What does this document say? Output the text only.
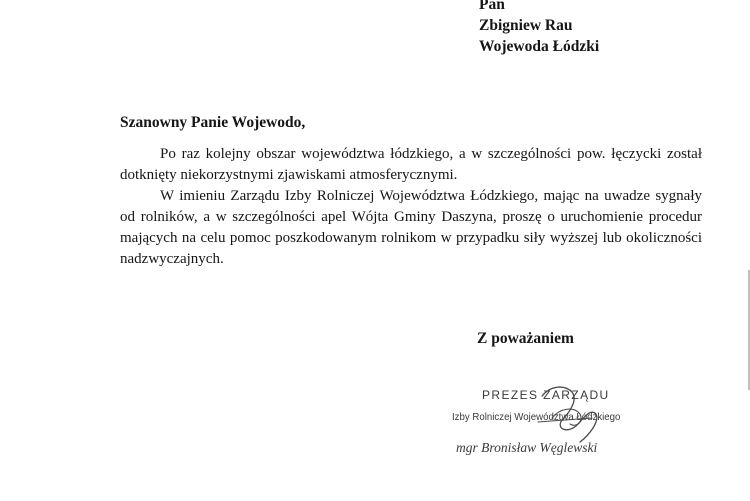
Pan
Zbigniew Rau
Wojewoda Łódzki
Szanowny Panie Wojewodo,

Po raz kolejny obszar województwa łódzkiego, a w szczególności pow. łęczycki został dotknięty niekorzystnymi zjawiskami atmosferycznymi.

W imieniu Zarządu Izby Rolniczej Województwa Łódzkiego, mając na uwadze sygnały od rolników, a w szczególności apel Wójta Gminy Daszyna, proszę o uruchomienie procedur mających na celu pomoc poszkodowanym rolnikom w przypadku siły wyższej lub okoliczności nadzwyczajnych.

Z poważaniem
PREZES ZARZĄDU
Izby Rolniczej Województwa Łódzkiego
mgr Bronisław Węglewski
